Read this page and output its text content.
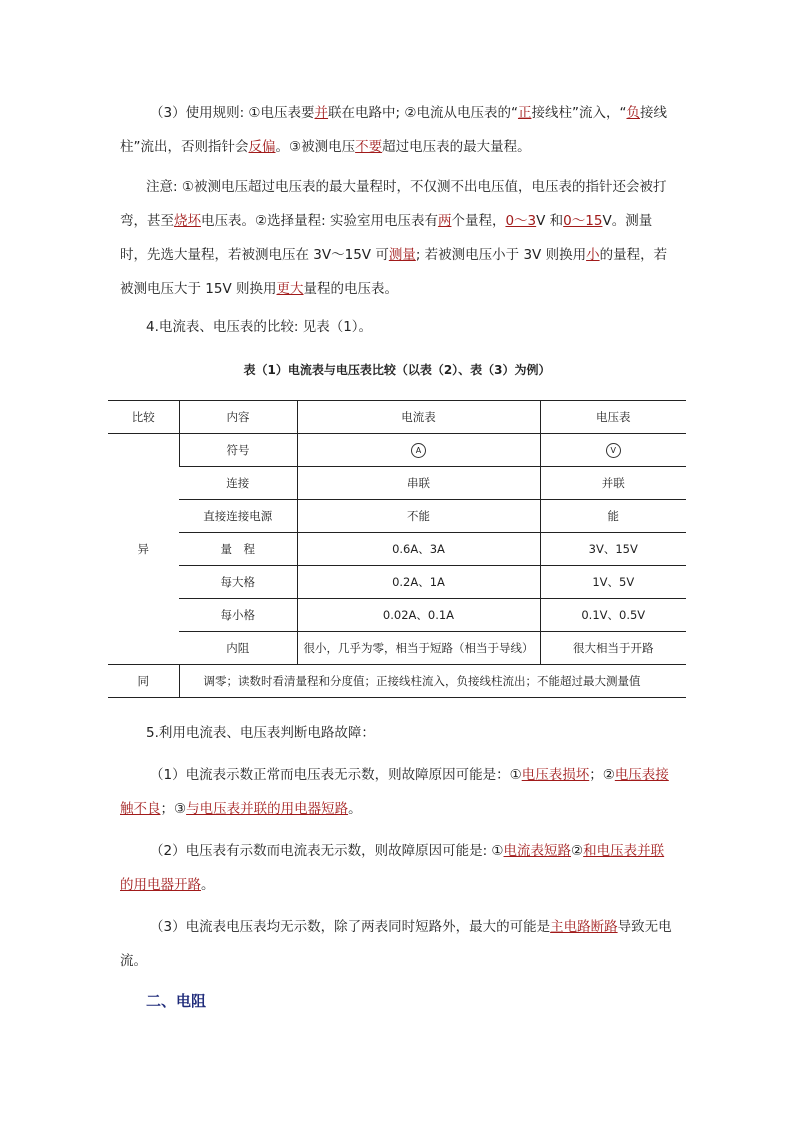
（3）使用规则: ①电压表要并联在电路中; ②电流从电压表的“正接线柱”流入，“负接线柱”流出，否则指针会反偏。③被测电压不要超过电压表的最大量程。
注意: ①被测电压超过电压表的最大量程时，不仅测不出电压值，电压表的指针还会被打弯，甚至烧坏电压表。②选择量程: 实验室用电压表有两个量程，0～3V 和0～15V。测量时，先选大量程，若被测电压在 3V～15V 可测量; 若被测电压小于 3V 则换用小的量程，若被测电压大于 15V 则换用更大量程的电压表。
4.电流表、电压表的比较: 见表（1）。
表（1）电流表与电压表比较（以表（2）、表（3）为例）
比较	内容	电流表	电压表
异	符号	A	V
	连接	串联	并联
	直接连接电源	不能	能
	量　程	0.6A、3A	3V、15V
	每大格	0.2A、1A	1V、5V
	每小格	0.02A、0.1A	0.1V、0.5V
	内阻	很小，几乎为零，相当于短路（相当于导线）	很大相当于开路
同	调零；读数时看清量程和分度值；正接线柱流入，负接线柱流出；不能超过最大测量值		
5.利用电流表、电压表判断电路故障：
（1）电流表示数正常而电压表无示数，则故障原因可能是：①电压表损坏；②电压表接触不良；③与电压表并联的用电器短路。
（2）电压表有示数而电流表无示数，则故障原因可能是: ①电流表短路②和电压表并联的用电器开路。
（3）电流表电压表均无示数，除了两表同时短路外，最大的可能是主电路断路导致无电流。
二、电阻
